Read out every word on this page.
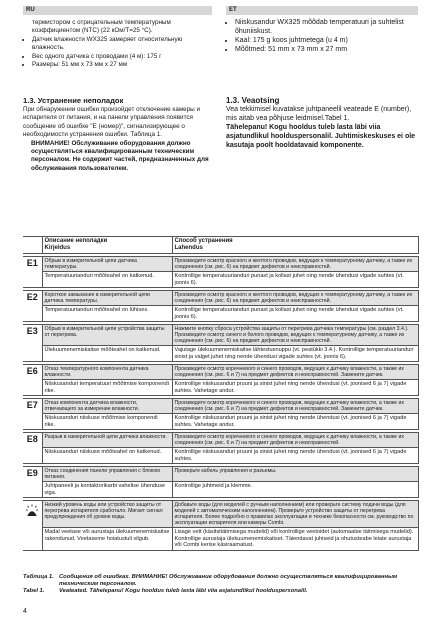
RU	ET

термистором с отрицательным температурным коэффициентом (NTC) (22 кОм/T=25 °C).

• Датчик влажности WX325 замеряет относительную влажность.
• Вес одного датчика с проводами (4 м): 175 г
• Размеры: 51 мм x 73 мм x 27 мм
• Niiskusandur WX325 mõõdab temperatuuri ja suhtelist õhuniiskust.
• Kaal: 175 g koos juhtmetega (u 4 m)
• Mõõtmed: 51 mm x 73 mm x 27 mm
1.3. Устранение неполадок

При обнаружении ошибки произойдет отключение камеры и испарителя от питания, и на панели управления появится сообщение об ошибке "E (номер)", сигнализирующее о необходимости устранения ошибки. Таблица 1.

ВНИМАНИЕ! Обслуживание оборудования должно осуществляться квалифицированным техническим персоналом. Не содержит частей, предназначенных для обслуживания пользователем.

1.3. Veaotsing

Vea tekkimisel kuvatakse juhtpaneelil veateade E (number), mis aitab vea põhjuse leidmisel.Tabel 1.

Tähelepanu! Kogu hooldus tuleb lasta läbi viia asjatundlikul hoolduspersonalil. Juhtimiskeskuses ei ole kasutaja poolt hooldatavaid komponente.

	Описание неполадки
Kirjeldus	Способ устранения
Lahendus

E1	Обрыв в измерительной цепи датчика температуры.	Произведите осмотр красного и желтого проводов, ведущих к температурному датчику, а также их соединения (см. рис. 6) на предмет дефектов и неисправностей.
	Temperatuurianduri mõõteahel on katkenud.	Kontrollige temperatuurianduri punast ja kollast juhet ning nende ühendusi vigade suhtes (vt. joonis 6).

E2	Короткое замыкание в измерительной цепи датчика температуры.	Произведите осмотр красного и желтого проводов, ведущих к температурному датчику, а также их соединения (см. рис. 6) на предмет дефектов и неисправностей.
	Temperatuurianduri mõõteahel on lühises.	Kontrollige temperatuurianduri punast ja kollast juhet ning nende ühendusi vigade suhtes (vt. joonis 6).

E3	Обрыв в измерительной цепи устройства защиты от перегрева.	Нажмите кнопку сброса устройства защиты от перегрева датчика температуры (см. раздел 3.4.). Произведите осмотр синего и белого проводов, ведущих к температурному датчику, а также их соединения (см. рис. 6) на предмет дефектов и неисправностей.
	Ülekuumenemiskaitse mõõteahel on katkenud.	Vajutage ülekuumenemiskaitse lähtestusnuppu (vt. peatükki 3.4.). Kontrollige temperatuurianduri sinist ja valget juhet ning nende ühendusi vigade suhtes (vt. joonis 6).

E6	Отказ температурного компонента датчика влажности.	Произведите осмотр коричневого и синего проводов, ведущих к датчику влажности, а также их соединения (см. рис. 6 и 7) на предмет дефектов и неисправностей. Замените датчик.
	Niiskusanduri temperatuuri mõõtmise komponendi rike.	Kontrollige niiskusanduri pruuni ja sinist juhet ning nende ühendusi (vt. joonised 6 ja 7) vigade suhtes. Vahetage andur.

E7	Отказ компонента датчика влажности, отвечающего за измерение влажности.	Произведите осмотр коричневого и синего проводов, ведущих к датчику влажности, а также их соединения (см. рис. 6 и 7) на предмет дефектов и неисправностей. Замените датчик.
	Niiskusanduri niiskuse mõõtmise komponendi rike.	Kontrollige niiskusanduri pruuni ja sinist juhet ning nende ühendusi (vt. joonised 6 ja 7) vigade suhtes. Vahetage andur.

E8	Разрыв в измерительной цепи датчика влажности.	Произведите осмотр коричневого и синего проводов, ведущих к датчику влажности, а также их соединения (см. рис. 6 и 7) на предмет дефектов и неисправностей.
	Niiskusanduri niiskuse mõõteahel on katkenud.	Kontrollige niiskusanduri pruuni ja sinist juhet ning nende ühendusi (vt. joonised 6 ja 7) vigade suhtes.

E9	Отказ соединения панели управления с блоком питания.	Проверьте кабель управления и разъемы.
	Juhtpaneeli ja kontaktorikarbi vahelise ühenduse viga.	Kontrollige juhtmeid ja klemme.

	Низкий уровень воды или устройство защиты от перегрева испарителя сработало. Мигает сигнал предупреждения об уровне воды.	Добавьте воды (для моделей с ручным наполнением) или проверьте систему подачи воды (для моделей с автоматическим наполнением). Проверьте устройство защиты от перегрева испарителя. Более подробно о правилах эксплуатации и технике безопасности см. руководство по эксплуатации испарителя или камеры Combi.
	Madal veetase või aurustaja ülekuumenemiskaitse rakendunud. Veetaseme hoiatustuli vilgub.	Lisage vett (käsitsitäitmisega mudelid) või kontrollige veetoidet (automaatse täitmisega mudelid). Kontrollige aurustaja ülekuumenemiskaitset. Täiendavat juhiseid ja ohutusteabe leiate aurustaja või Combi kerise käsiraamatust.
Таблица 1. Сообщения об ошибках. ВНИМАНИЕ! Обслуживание оборудования должно осуществляться квалифицированным техническим персоналом.
Tabel 1.	Veateated. Tähelepanu! Kogu hooldus tuleb lasta läbi viia asjatundlikul hoolduspersonalil.
4
